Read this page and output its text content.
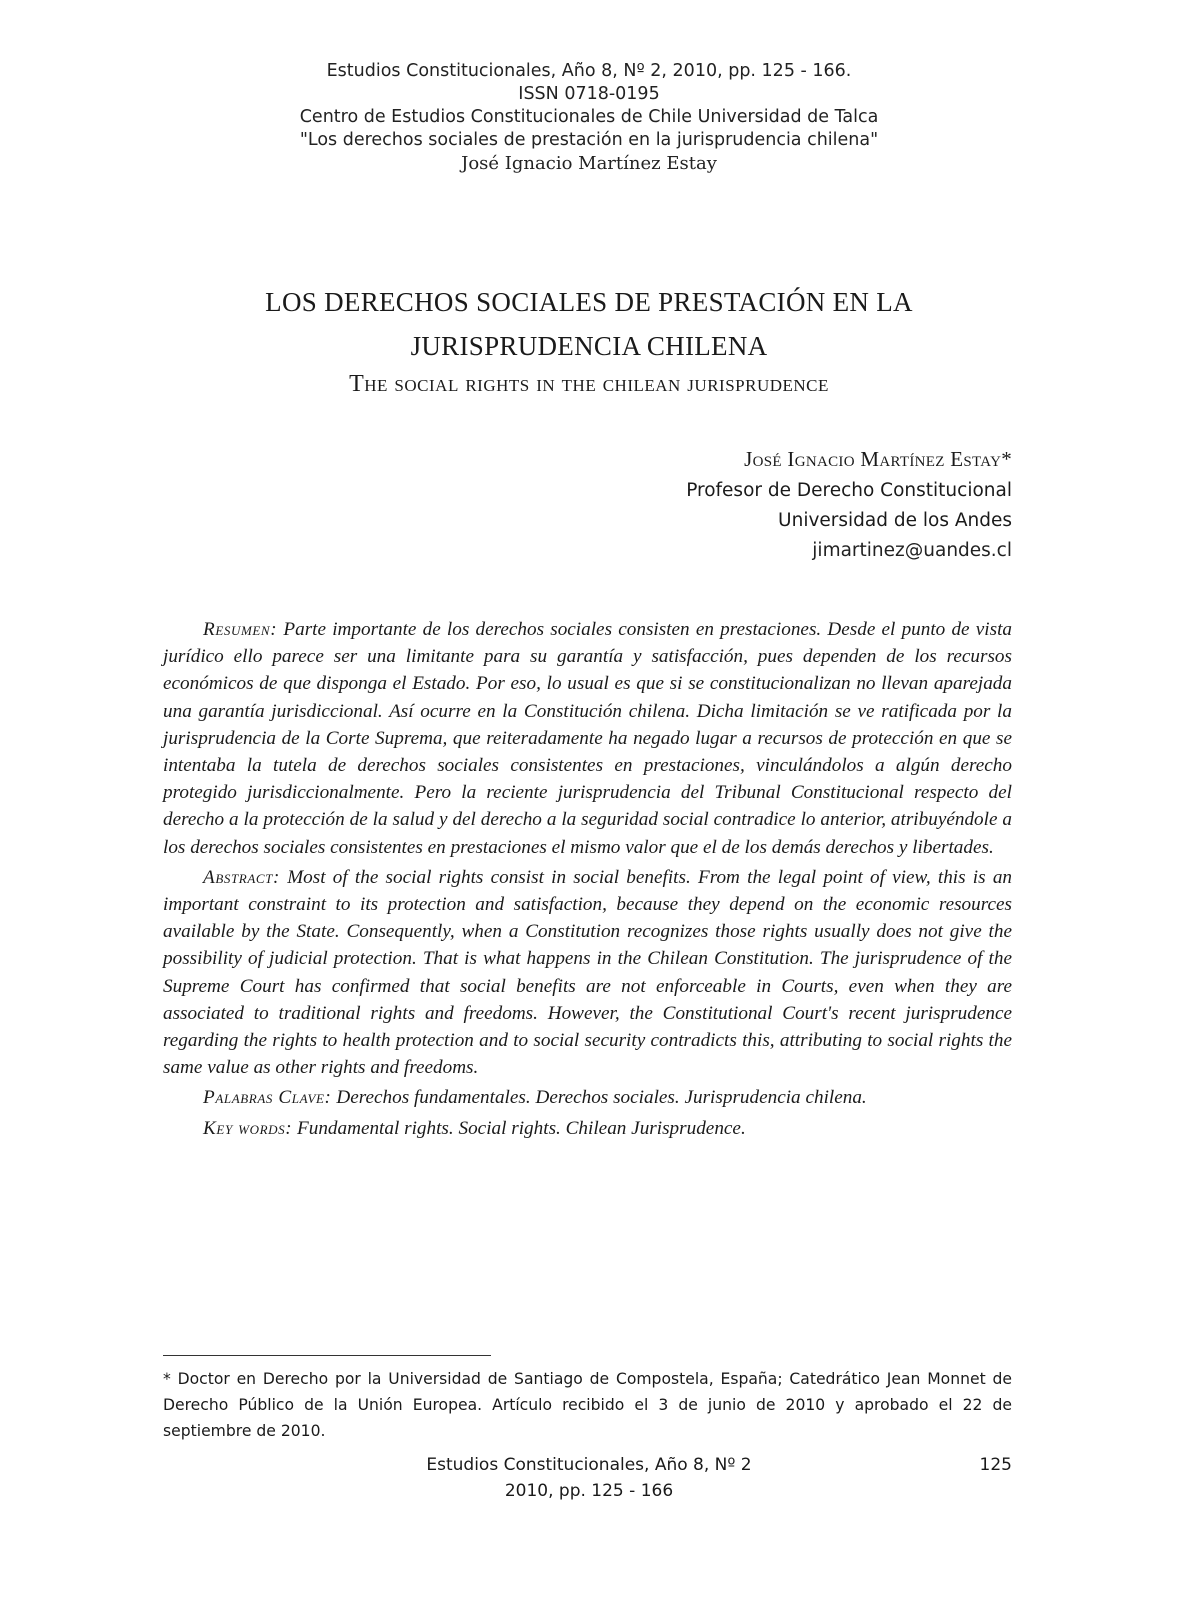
Estudios Constitucionales, Año 8, Nº 2, 2010, pp. 125 - 166.
ISSN 0718-0195
Centro de Estudios Constitucionales de Chile Universidad de Talca
"Los derechos sociales de prestación en la jurisprudencia chilena"
José Ignacio Martínez Estay
LOS DERECHOS SOCIALES DE PRESTACIÓN EN LA
JURISPRUDENCIA CHILENA
The social rights in the chilean jurisprudence
José Ignacio Martínez Estay*
Profesor de Derecho Constitucional
Universidad de los Andes
jimartinez@uandes.cl

Resumen: Parte importante de los derechos sociales consisten en prestaciones. Desde el punto de vista jurídico ello parece ser una limitante para su garantía y satisfacción, pues dependen de los recursos económicos de que disponga el Estado. Por eso, lo usual es que si se constitucionalizan no llevan aparejada una garantía jurisdiccional. Así ocurre en la Constitución chilena. Dicha limitación se ve ratificada por la jurisprudencia de la Corte Suprema, que reiteradamente ha negado lugar a recursos de protección en que se intentaba la tutela de derechos sociales consistentes en prestaciones, vinculándolos a algún derecho protegido jurisdiccionalmente. Pero la reciente jurisprudencia del Tribunal Constitucional respecto del derecho a la protección de la salud y del derecho a la seguridad social contradice lo anterior, atribuyéndole a los derechos sociales consistentes en prestaciones el mismo valor que el de los demás derechos y libertades.

Abstract: Most of the social rights consist in social benefits. From the legal point of view, this is an important constraint to its protection and satisfaction, because they depend on the economic resources available by the State. Consequently, when a Constitution recognizes those rights usually does not give the possibility of judicial protection. That is what happens in the Chilean Constitution. The jurisprudence of the Supreme Court has confirmed that social benefits are not enforceable in Courts, even when they are associated to traditional rights and freedoms. However, the Constitutional Court's recent jurisprudence regarding the rights to health protection and to social security contradicts this, attributing to social rights the same value as other rights and freedoms.

Palabras Clave: Derechos fundamentales. Derechos sociales. Jurisprudencia chilena.

Key words: Fundamental rights. Social rights. Chilean Jurisprudence.

* Doctor en Derecho por la Universidad de Santiago de Compostela, España; Catedrático Jean Monnet de Derecho Público de la Unión Europea. Artículo recibido el 3 de junio de 2010 y aprobado el 22 de septiembre de 2010.
Estudios Constitucionales, Año 8, Nº 2
2010, pp. 125 - 166
125
